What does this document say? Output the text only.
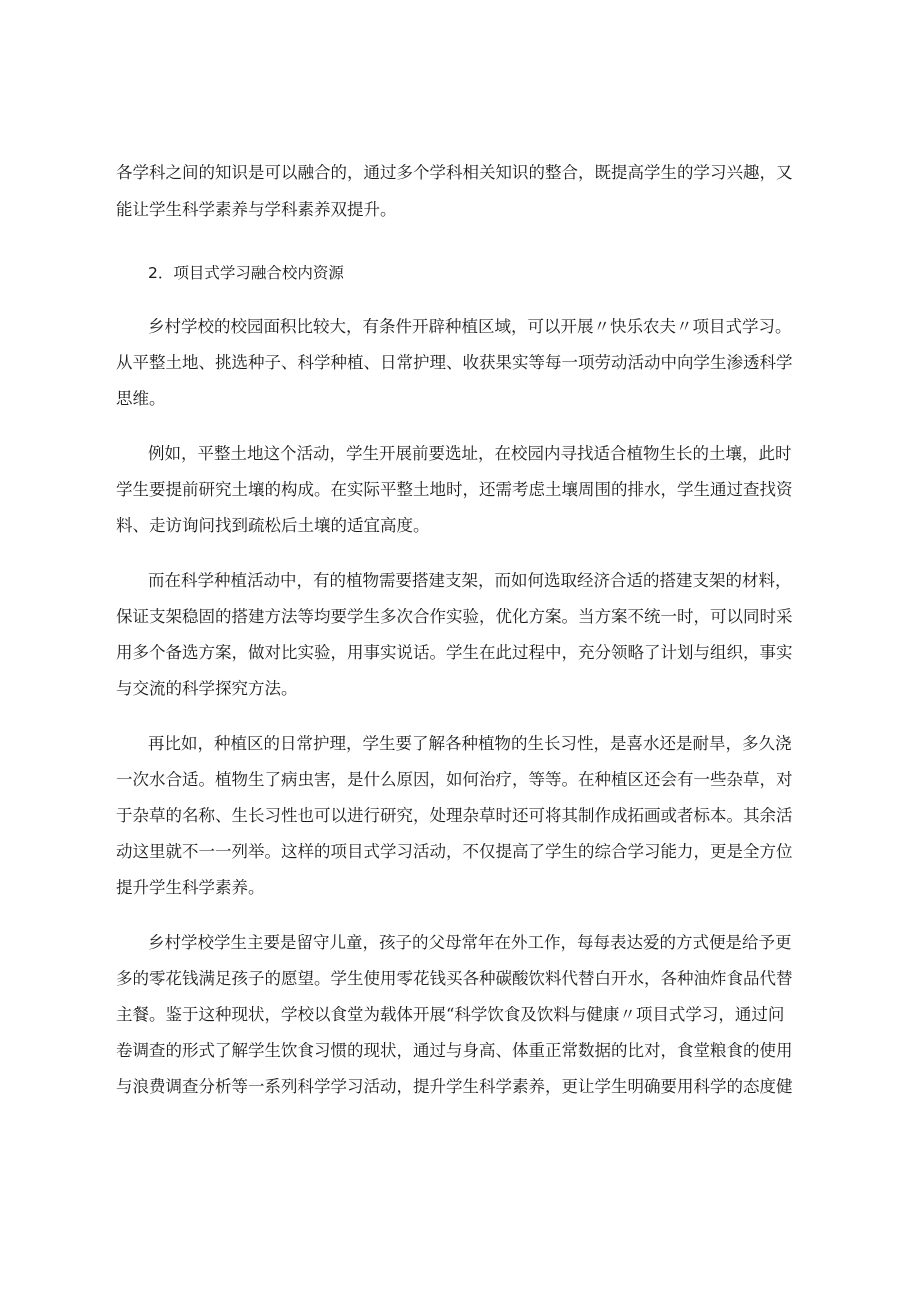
各学科之间的知识是可以融合的，通过多个学科相关知识的整合，既提高学生的学习兴趣，又

能让学生科学素养与学科素养双提升。

2．项目式学习融合校内资源

乡村学校的校园面积比较大，有条件开辟种植区域，可以开展〃快乐农夫〃项目式学习。

从平整土地、挑选种子、科学种植、日常护理、收获果实等每一项劳动活动中向学生渗透科学

思维。

例如，平整土地这个活动，学生开展前要选址，在校园内寻找适合植物生长的土壤，此时

学生要提前研究土壤的构成。在实际平整土地时，还需考虑土壤周围的排水，学生通过查找资

料、走访询问找到疏松后土壤的适宜高度。

而在科学种植活动中，有的植物需要搭建支架，而如何选取经济合适的搭建支架的材料，

保证支架稳固的搭建方法等均要学生多次合作实验，优化方案。当方案不统一时，可以同时采

用多个备选方案，做对比实验，用事实说话。学生在此过程中，充分领略了计划与组织，事实

与交流的科学探究方法。

再比如，种植区的日常护理，学生要了解各种植物的生长习性，是喜水还是耐旱，多久浇

一次水合适。植物生了病虫害，是什么原因，如何治疗，等等。在种植区还会有一些杂草，对

于杂草的名称、生长习性也可以进行研究，处理杂草时还可将其制作成拓画或者标本。其余活

动这里就不一一列举。这样的项目式学习活动，不仅提高了学生的综合学习能力，更是全方位

提升学生科学素养。

乡村学校学生主要是留守儿童，孩子的父母常年在外工作，每每表达爱的方式便是给予更

多的零花钱满足孩子的愿望。学生使用零花钱买各种碳酸饮料代替白开水，各种油炸食品代替

主餐。鉴于这种现状，学校以食堂为载体开展“科学饮食及饮料与健康〃项目式学习，通过问

卷调查的形式了解学生饮食习惯的现状，通过与身高、体重正常数据的比对，食堂粮食的使用

与浪费调查分析等一系列科学学习活动，提升学生科学素养，更让学生明确要用科学的态度健
